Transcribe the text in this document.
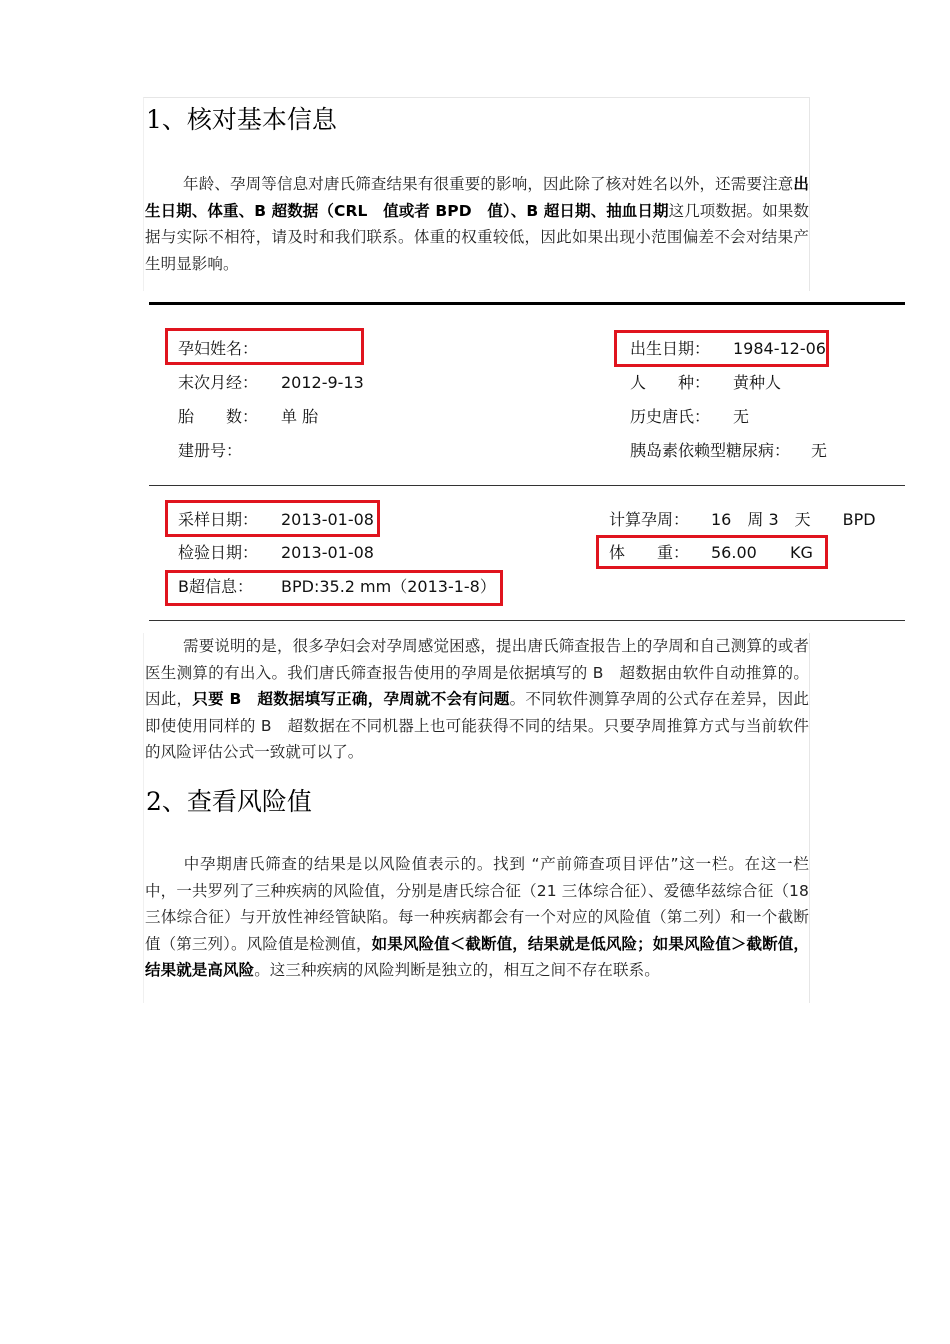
1、核对基本信息
年龄、孕周等信息对唐氏筛查结果有很重要的影响，因此除了核对姓名以外，还需要注意出生日期、体重、B 超数据（CRL　值或者 BPD　值）、B 超日期、抽血日期这几项数据。如果数据与实际不相符，请及时和我们联系。体重的权重较低，因此如果出现小范围偏差不会对结果产生明显影响。
孕妇姓名：
末次月经： 2012-9-13
胎　　数： 单 胎
建册号：
出生日期： 1984-12-06
人　　种： 黄种人
历史唐氏： 无
胰岛素依赖型糖尿病： 无
采样日期： 2013-01-08
检验日期： 2013-01-08
B超信息： BPD:35.2 mm（2013-1-8）
计算孕周： 16　周 3　天　　BPD
体　　重： 56.00 KG
需要说明的是，很多孕妇会对孕周感觉困惑，提出唐氏筛查报告上的孕周和自己测算的或者医生测算的有出入。我们唐氏筛查报告使用的孕周是依据填写的 B　超数据由软件自动推算的。因此，只要 B　超数据填写正确，孕周就不会有问题。不同软件测算孕周的公式存在差异，因此即使使用同样的 B　超数据在不同机器上也可能获得不同的结果。只要孕周推算方式与当前软件的风险评估公式一致就可以了。
2、查看风险值
中孕期唐氏筛查的结果是以风险值表示的。找到 “产前筛查项目评估”这一栏。在这一栏中，一共罗列了三种疾病的风险值，分别是唐氏综合征（21 三体综合征）、爱德华兹综合征（18 三体综合征）与开放性神经管缺陷。每一种疾病都会有一个对应的风险值（第二列）和一个截断值（第三列）。风险值是检测值，如果风险值＜截断值，结果就是低风险；如果风险值＞截断值，结果就是高风险。这三种疾病的风险判断是独立的，相互之间不存在联系。
